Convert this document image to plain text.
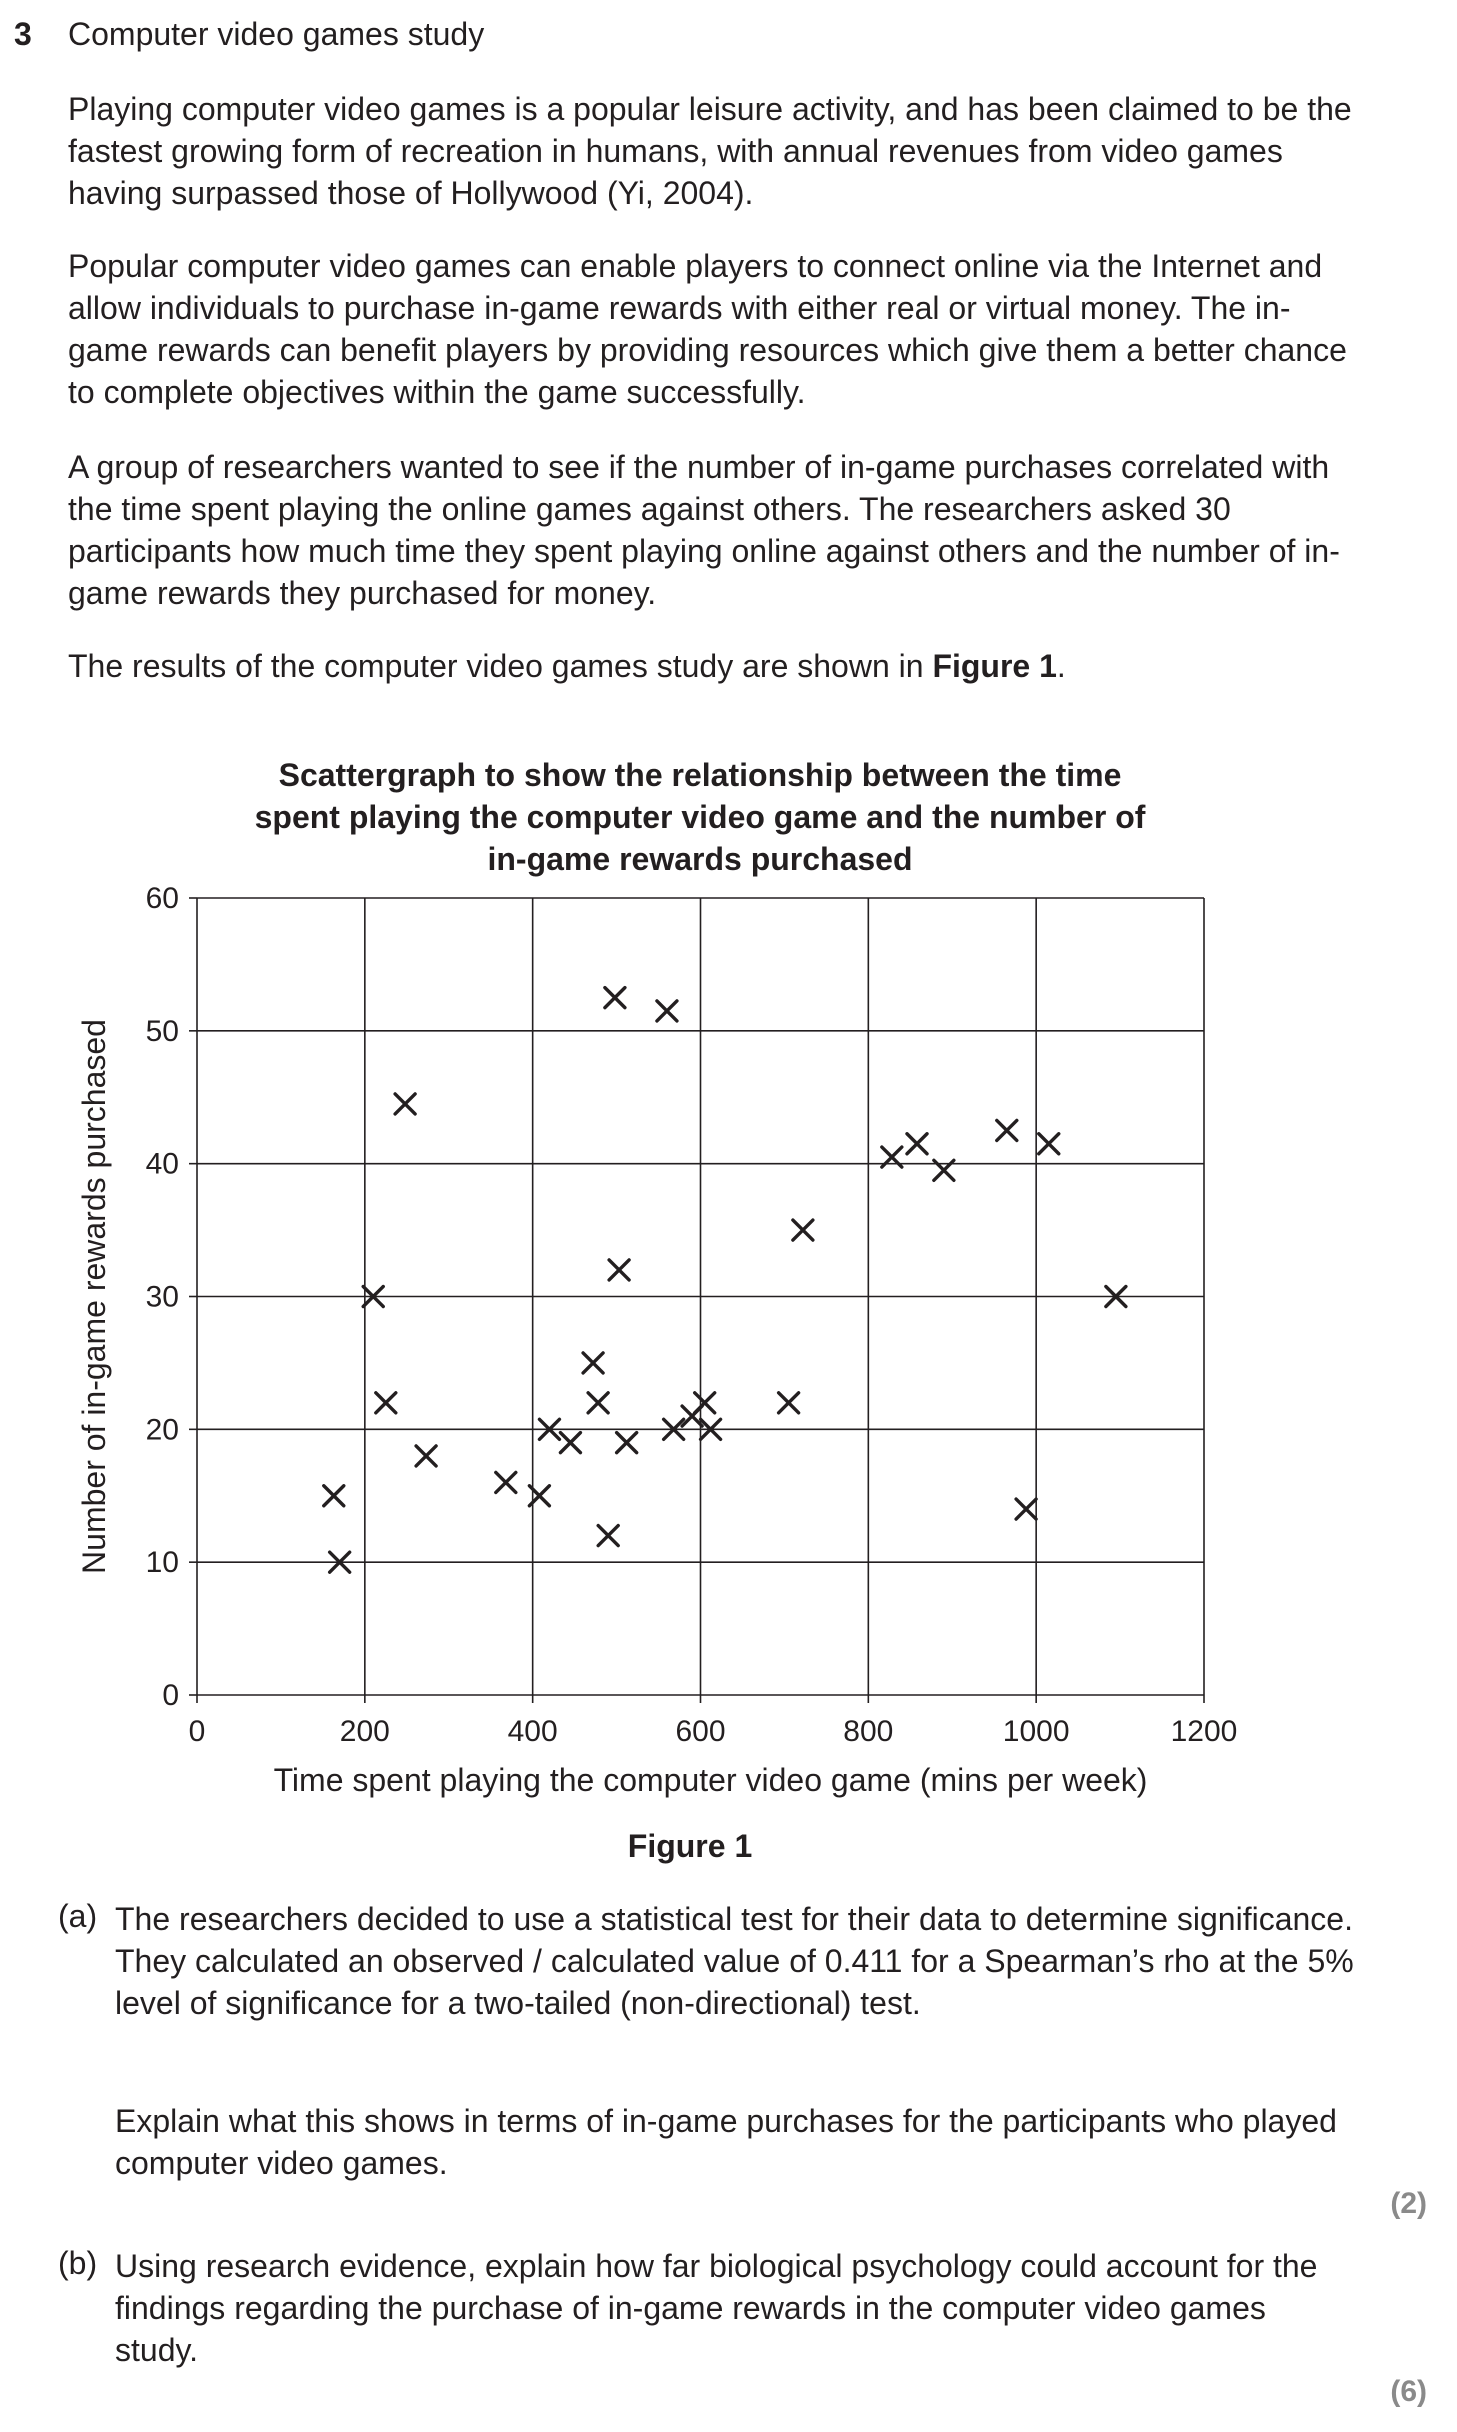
3 Computer video games study

Playing computer video games is a popular leisure activity, and has been claimed to be the fastest growing form of recreation in humans, with annual revenues from video games having surpassed those of Hollywood (Yi, 2004).

Popular computer video games can enable players to connect online via the Internet and allow individuals to purchase in-game rewards with either real or virtual money. The in-game rewards can benefit players by providing resources which give them a better chance to complete objectives within the game successfully.

A group of researchers wanted to see if the number of in-game purchases correlated with the time spent playing the online games against others. The researchers asked 30 participants how much time they spent playing online against others and the number of in-game rewards they purchased for money.

The results of the computer video games study are shown in Figure 1.

Scattergraph to show the relationship between the time
spent playing the computer video game and the number of
in-game rewards purchased
0
10
20
30
40
50
60
0	200	400	600	800	1000	1200
Time spent playing the computer video game (mins per week)
Number of in-game rewards purchased
Figure 1
(a) The researchers decided to use a statistical test for their data to determine significance. They calculated an observed / calculated value of 0.411 for a Spearman’s rho at the 5% level of significance for a two-tailed (non-directional) test.

Explain what this shows in terms of in-game purchases for the participants who played computer video games.

(2)
(b) Using research evidence, explain how far biological psychology could account for the findings regarding the purchase of in-game rewards in the computer video games study.

(6)
